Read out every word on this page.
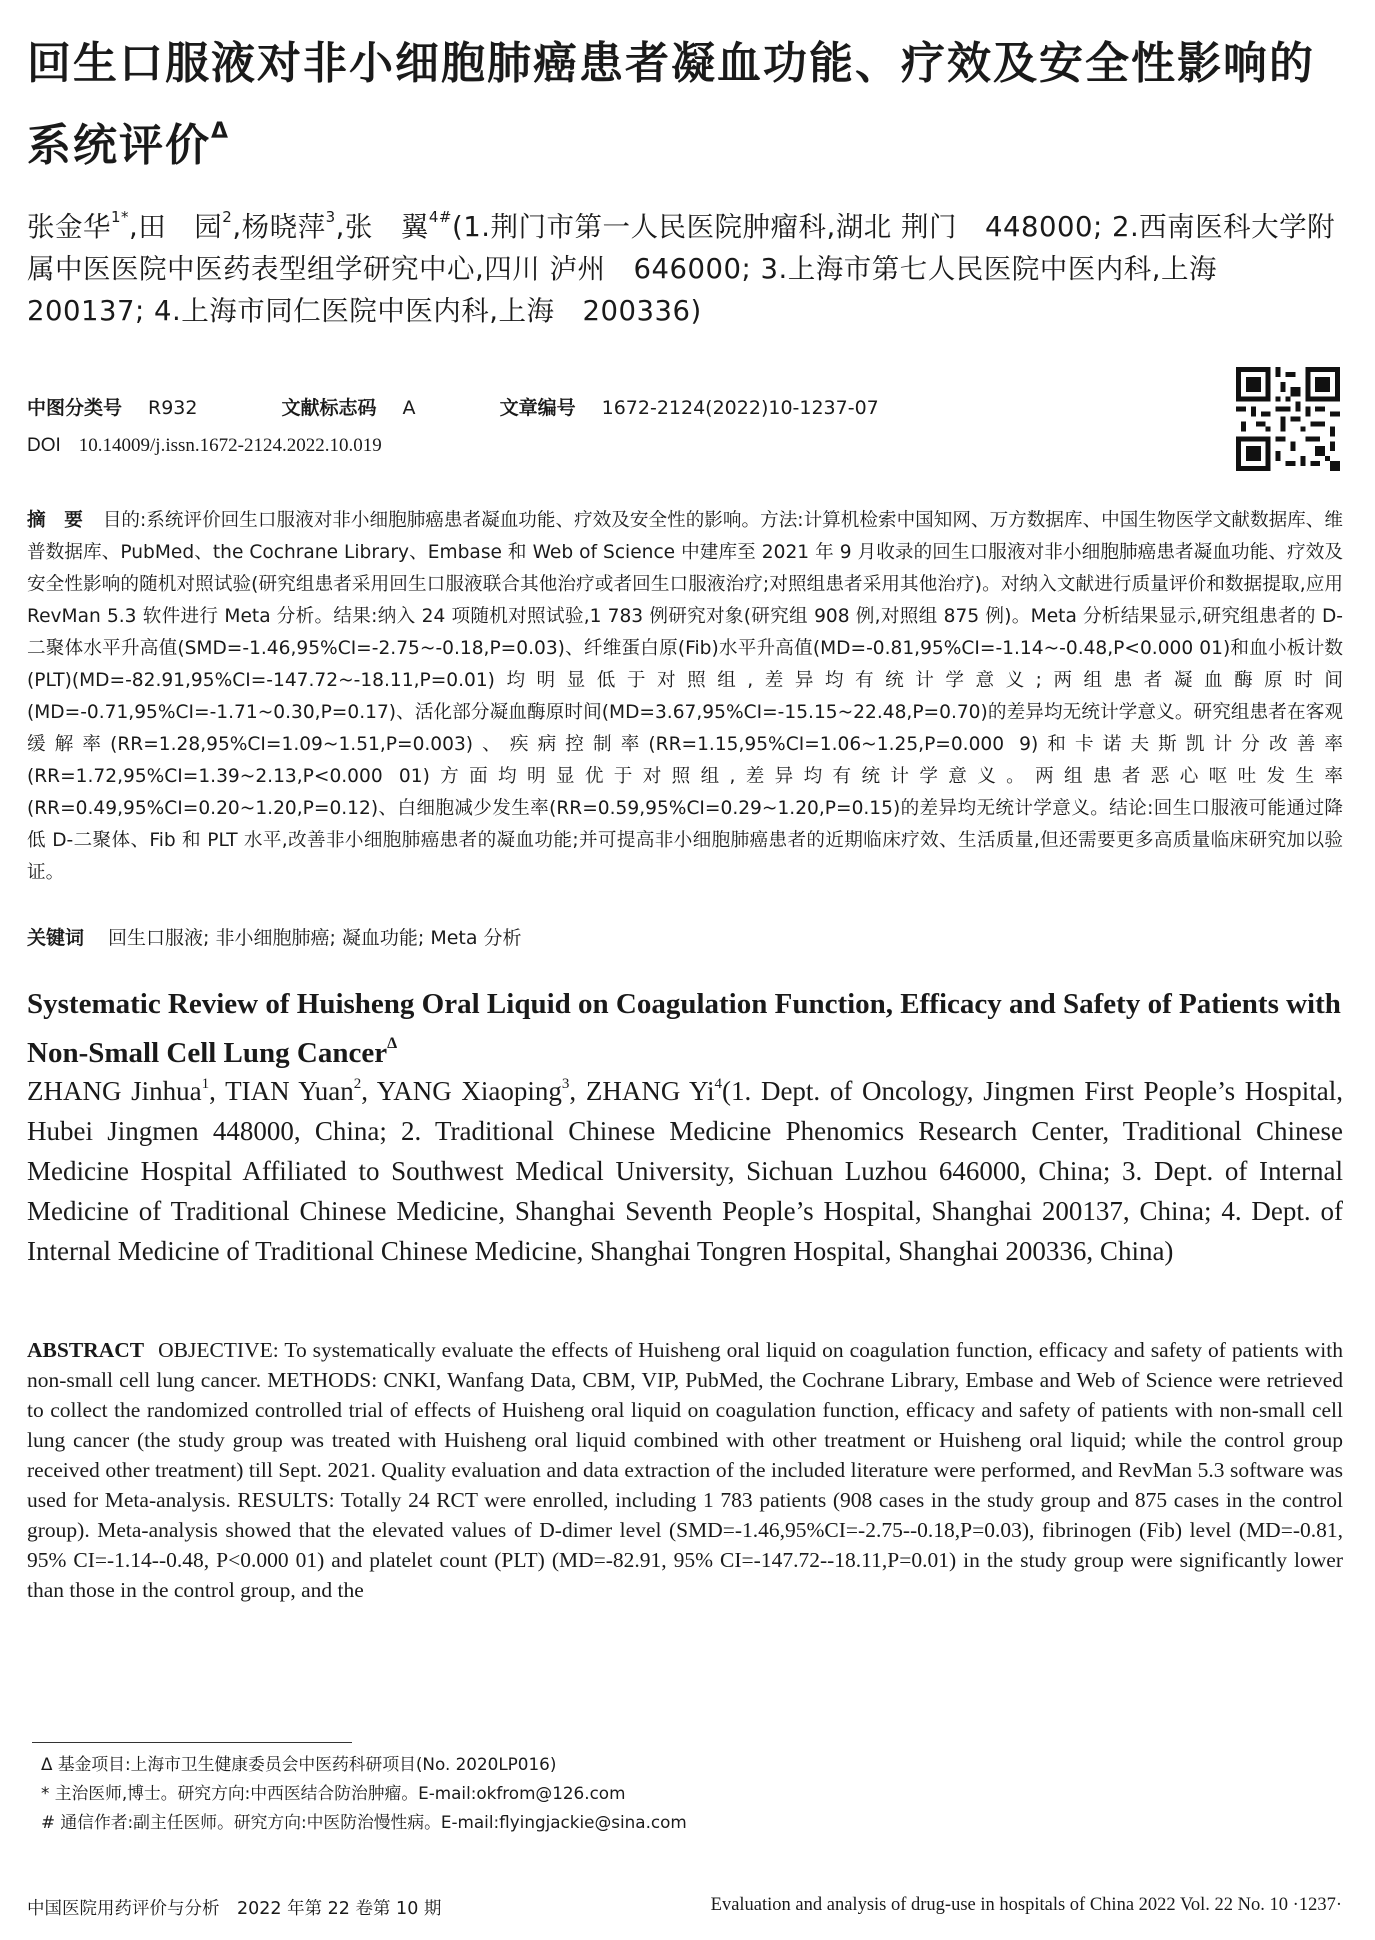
回生口服液对非小细胞肺癌患者凝血功能、疗效及安全性影响的系统评价$^\Delta$

张金华$^{1*}$,田　园$^2$,杨晓萍$^3$,张　翼$^{4\#}$(1.荆门市第一人民医院肿瘤科,湖北 荆门　448000; 2.西南医科大学附属中医医院中医药表型组学研究中心,四川 泸州　646000; 3.上海市第七人民医院中医内科,上海　200137; 4.上海市同仁医院中医内科,上海　200336)

中图分类号 R932	文献标志码 A	文章编号 1672-2124(2022)10-1237-07
DOI 10.14009/j.issn.1672-2124.2022.10.019

摘　要 目的:系统评价回生口服液对非小细胞肺癌患者凝血功能、疗效及安全性的影响。方法:计算机检索中国知网、万方数据库、中国生物医学文献数据库、维普数据库、PubMed、the Cochrane Library、Embase 和 Web of Science 中建库至 2021 年 9 月收录的回生口服液对非小细胞肺癌患者凝血功能、疗效及安全性影响的随机对照试验(研究组患者采用回生口服液联合其他治疗或者回生口服液治疗;对照组患者采用其他治疗)。对纳入文献进行质量评价和数据提取,应用 RevMan 5.3 软件进行 Meta 分析。结果:纳入 24 项随机对照试验,1 783 例研究对象(研究组 908 例,对照组 875 例)。Meta 分析结果显示,研究组患者的 D-二聚体水平升高值(SMD=-1.46,95%CI=-2.75~-0.18,P=0.03)、纤维蛋白原(Fib)水平升高值(MD=-0.81,95%CI=-1.14~-0.48,P<0.000 01)和血小板计数(PLT)(MD=-82.91,95%CI=-147.72~-18.11,P=0.01)均明显低于对照组,差异均有统计学意义;两组患者凝血酶原时间(MD=-0.71,95%CI=-1.71~0.30,P=0.17)、活化部分凝血酶原时间(MD=3.67,95%CI=-15.15~22.48,P=0.70)的差异均无统计学意义。研究组患者在客观缓解率(RR=1.28,95%CI=1.09~1.51,P=0.003)、疾病控制率(RR=1.15,95%CI=1.06~1.25,P=0.000 9)和卡诺夫斯凯计分改善率(RR=1.72,95%CI=1.39~2.13,P<0.000 01)方面均明显优于对照组,差异均有统计学意义。两组患者恶心呕吐发生率(RR=0.49,95%CI=0.20~1.20,P=0.12)、白细胞减少发生率(RR=0.59,95%CI=0.29~1.20,P=0.15)的差异均无统计学意义。结论:回生口服液可能通过降低 D-二聚体、Fib 和 PLT 水平,改善非小细胞肺癌患者的凝血功能;并可提高非小细胞肺癌患者的近期临床疗效、生活质量,但还需要更多高质量临床研究加以验证。

关键词 回生口服液; 非小细胞肺癌; 凝血功能; Meta 分析
Systematic Review of Huisheng Oral Liquid on Coagulation Function, Efficacy and Safety of Patients with Non-Small Cell Lung Cancer$^\Delta$

ZHANG Jinhua$^1$, TIAN Yuan$^2$, YANG Xiaoping$^3$, ZHANG Yi$^4$(1. Dept. of Oncology, Jingmen First People’s Hospital, Hubei Jingmen 448000, China; 2. Traditional Chinese Medicine Phenomics Research Center, Traditional Chinese Medicine Hospital Affiliated to Southwest Medical University, Sichuan Luzhou 646000, China; 3. Dept. of Internal Medicine of Traditional Chinese Medicine, Shanghai Seventh People’s Hospital, Shanghai 200137, China; 4. Dept. of Internal Medicine of Traditional Chinese Medicine, Shanghai Tongren Hospital, Shanghai 200336, China)

ABSTRACT OBJECTIVE: To systematically evaluate the effects of Huisheng oral liquid on coagulation function, efficacy and safety of patients with non-small cell lung cancer. METHODS: CNKI, Wanfang Data, CBM, VIP, PubMed, the Cochrane Library, Embase and Web of Science were retrieved to collect the randomized controlled trial of effects of Huisheng oral liquid on coagulation function, efficacy and safety of patients with non-small cell lung cancer (the study group was treated with Huisheng oral liquid combined with other treatment or Huisheng oral liquid; while the control group received other treatment) till Sept. 2021. Quality evaluation and data extraction of the included literature were performed, and RevMan 5.3 software was used for Meta-analysis. RESULTS: Totally 24 RCT were enrolled, including 1 783 patients (908 cases in the study group and 875 cases in the control group). Meta-analysis showed that the elevated values of D-dimer level (SMD=-1.46,95%CI=-2.75--0.18,P=0.03), fibrinogen (Fib) level (MD=-0.81, 95% CI=-1.14--0.48, P<0.000 01) and platelet count (PLT) (MD=-82.91, 95% CI=-147.72--18.11,P=0.01) in the study group were significantly lower than those in the control group, and the

Δ 基金项目:上海市卫生健康委员会中医药科研项目(No. 2020LP016)
* 主治医师,博士。研究方向:中西医结合防治肿瘤。E-mail:okfrom@126.com
# 通信作者:副主任医师。研究方向:中医防治慢性病。E-mail:flyingjackie@sina.com
中国医院用药评价与分析　2022 年第 22 卷第 10 期	Evaluation and analysis of drug-use in hospitals of China 2022 Vol. 22 No. 10 ·1237·
